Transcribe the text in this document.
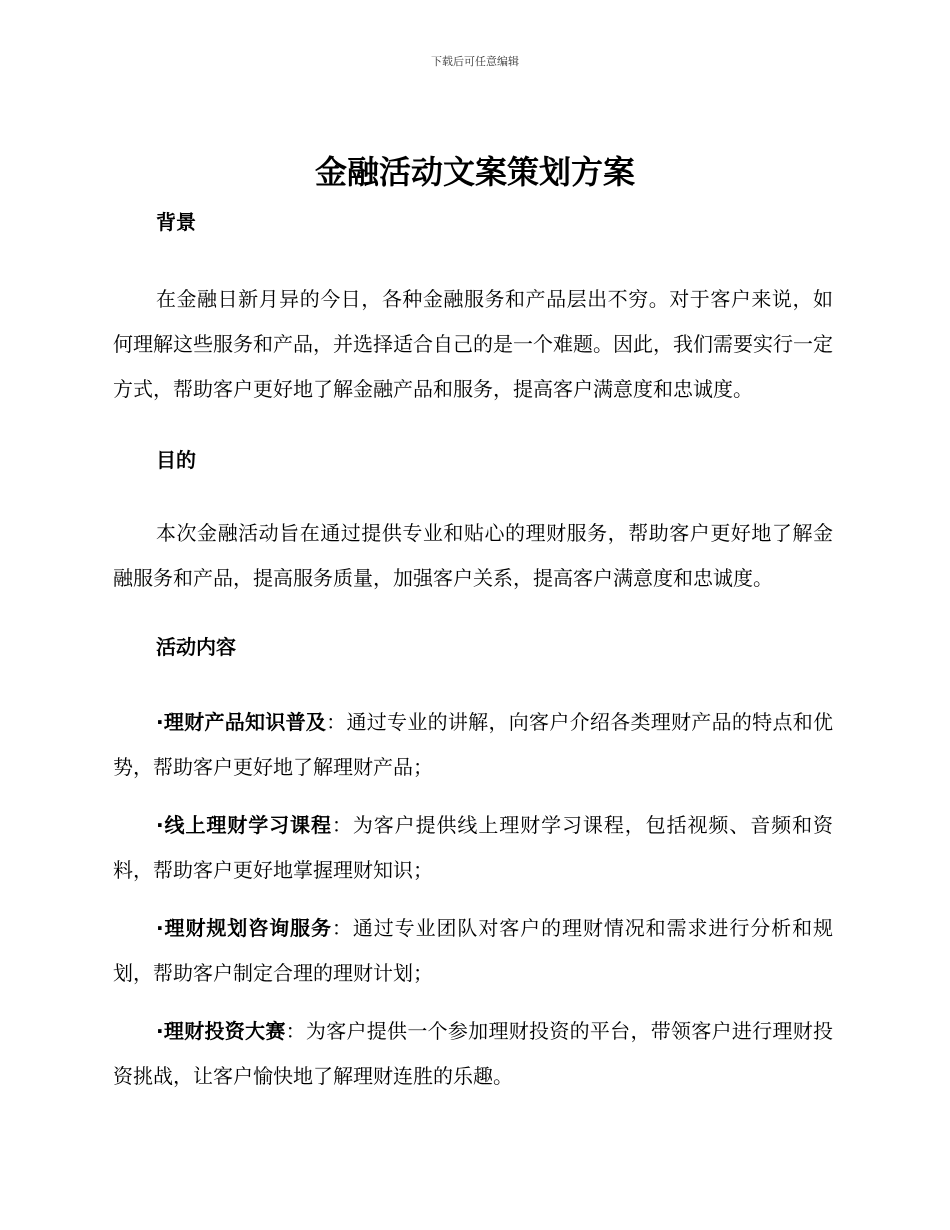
下载后可任意编辑
金融活动文案策划方案
背景

在金融日新月异的今日，各种金融服务和产品层出不穷。对于客户来说，如何理解这些服务和产品，并选择适合自己的是一个难题。因此，我们需要实行一定方式，帮助客户更好地了解金融产品和服务，提高客户满意度和忠诚度。

目的

本次金融活动旨在通过提供专业和贴心的理财服务，帮助客户更好地了解金融服务和产品，提高服务质量，加强客户关系，提高客户满意度和忠诚度。

活动内容

·理财产品知识普及：通过专业的讲解，向客户介绍各类理财产品的特点和优势，帮助客户更好地了解理财产品；

·线上理财学习课程：为客户提供线上理财学习课程，包括视频、音频和资料，帮助客户更好地掌握理财知识；

·理财规划咨询服务：通过专业团队对客户的理财情况和需求进行分析和规划，帮助客户制定合理的理财计划；

·理财投资大赛：为客户提供一个参加理财投资的平台，带领客户进行理财投资挑战，让客户愉快地了解理财连胜的乐趣。
